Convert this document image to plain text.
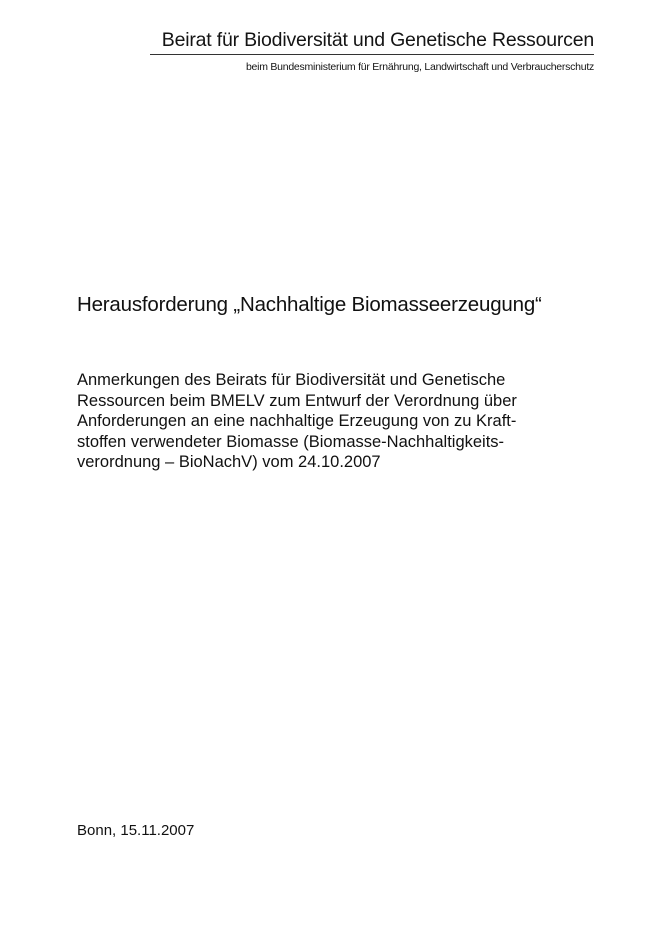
Beirat für Biodiversität und Genetische Ressourcen
beim Bundesministerium für Ernährung, Landwirtschaft und Verbraucherschutz
Herausforderung „Nachhaltige Biomasseerzeugung“
Anmerkungen des Beirats für Biodiversität und Genetische
Ressourcen beim BMELV zum Entwurf der Verordnung über
Anforderungen an eine nachhaltige Erzeugung von zu Kraft-
stoffen verwendeter Biomasse (Biomasse-Nachhaltigkeits-
verordnung – BioNachV) vom 24.10.2007
Bonn, 15.11.2007
